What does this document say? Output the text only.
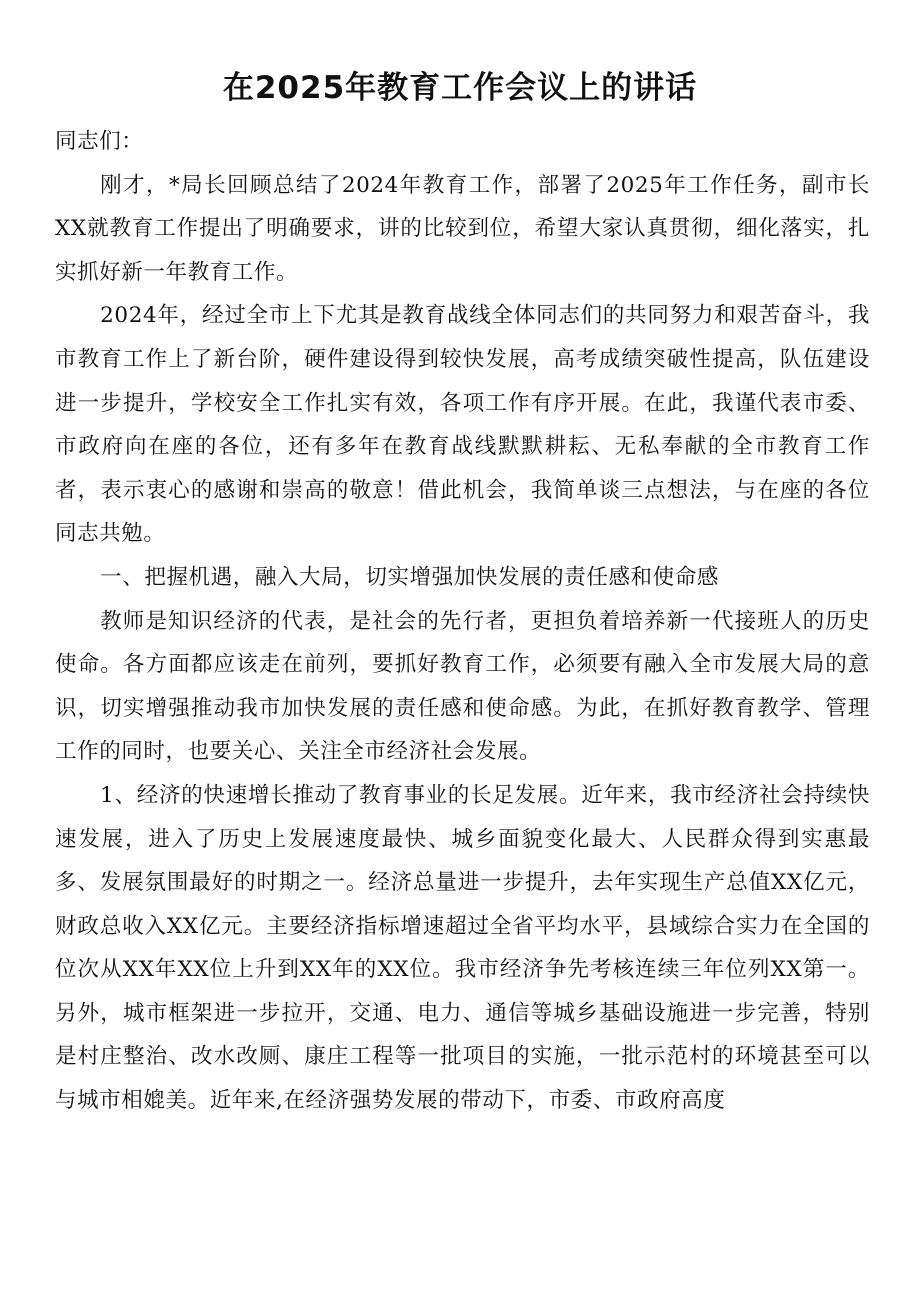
在2025年教育工作会议上的讲话

同志们：

刚才，*局长回顾总结了2024年教育工作，部署了2025年工作任务，副市长XX就教育工作提出了明确要求，讲的比较到位，希望大家认真贯彻，细化落实，扎实抓好新一年教育工作。

2024年，经过全市上下尤其是教育战线全体同志们的共同努力和艰苦奋斗，我市教育工作上了新台阶，硬件建设得到较快发展，高考成绩突破性提高，队伍建设进一步提升，学校安全工作扎实有效，各项工作有序开展。在此，我谨代表市委、市政府向在座的各位，还有多年在教育战线默默耕耘、无私奉献的全市教育工作者，表示衷心的感谢和崇高的敬意！借此机会，我简单谈三点想法，与在座的各位同志共勉。

一、把握机遇，融入大局，切实增强加快发展的责任感和使命感

教师是知识经济的代表，是社会的先行者，更担负着培养新一代接班人的历史使命。各方面都应该走在前列，要抓好教育工作，必须要有融入全市发展大局的意识，切实增强推动我市加快发展的责任感和使命感。为此，在抓好教育教学、管理工作的同时，也要关心、关注全市经济社会发展。

1、经济的快速增长推动了教育事业的长足发展。近年来，我市经济社会持续快速发展，进入了历史上发展速度最快、城乡面貌变化最大、人民群众得到实惠最多、发展氛围最好的时期之一。经济总量进一步提升，去年实现生产总值XX亿元，财政总收入XX亿元。主要经济指标增速超过全省平均水平，县域综合实力在全国的位次从XX年XX位上升到XX年的XX位。我市经济争先考核连续三年位列XX第一。另外，城市框架进一步拉开，交通、电力、通信等城乡基础设施进一步完善，特别是村庄整治、改水改厕、康庄工程等一批项目的实施，一批示范村的环境甚至可以与城市相媲美。近年来,在经济强势发展的带动下，市委、市政府高度
